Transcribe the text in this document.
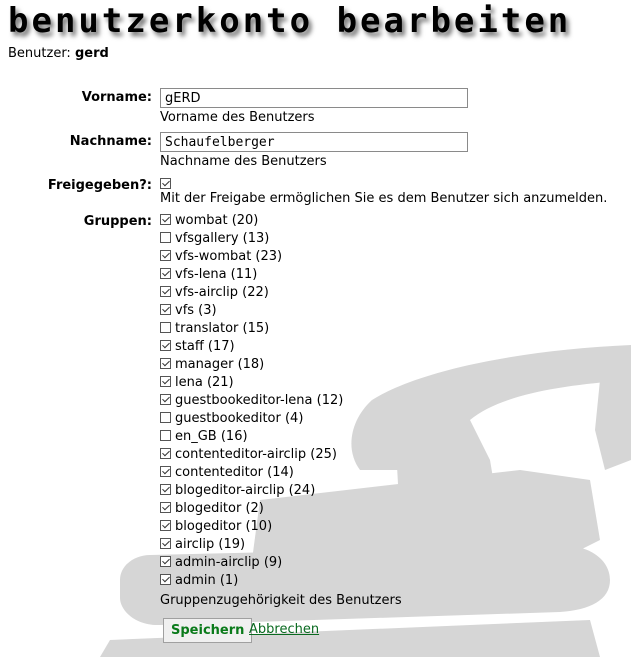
benutzerkonto bearbeiten
Benutzer: gerd
Vorname:
gERD
Vorname des Benutzers
Nachname:
Schaufelberger
Nachname des Benutzers
Freigegeben?:
Mit der Freigabe ermöglichen Sie es dem Benutzer sich anzumelden.
Gruppen:	wombat (20)
vfsgallery (13)
vfs-wombat (23)
vfs-lena (11)
vfs-airclip (22)
vfs (3)
translator (15)
staff (17)
manager (18)
lena (21)
guestbookeditor-lena (12)
guestbookeditor (4)
en_GB (16)
contenteditor-airclip (25)
contenteditor (14)
blogeditor-airclip (24)
blogeditor (2)
blogeditor (10)
airclip (19)
admin-airclip (9)
admin (1)
Gruppenzugehörigkeit des Benutzers
Speichern Abbrechen
